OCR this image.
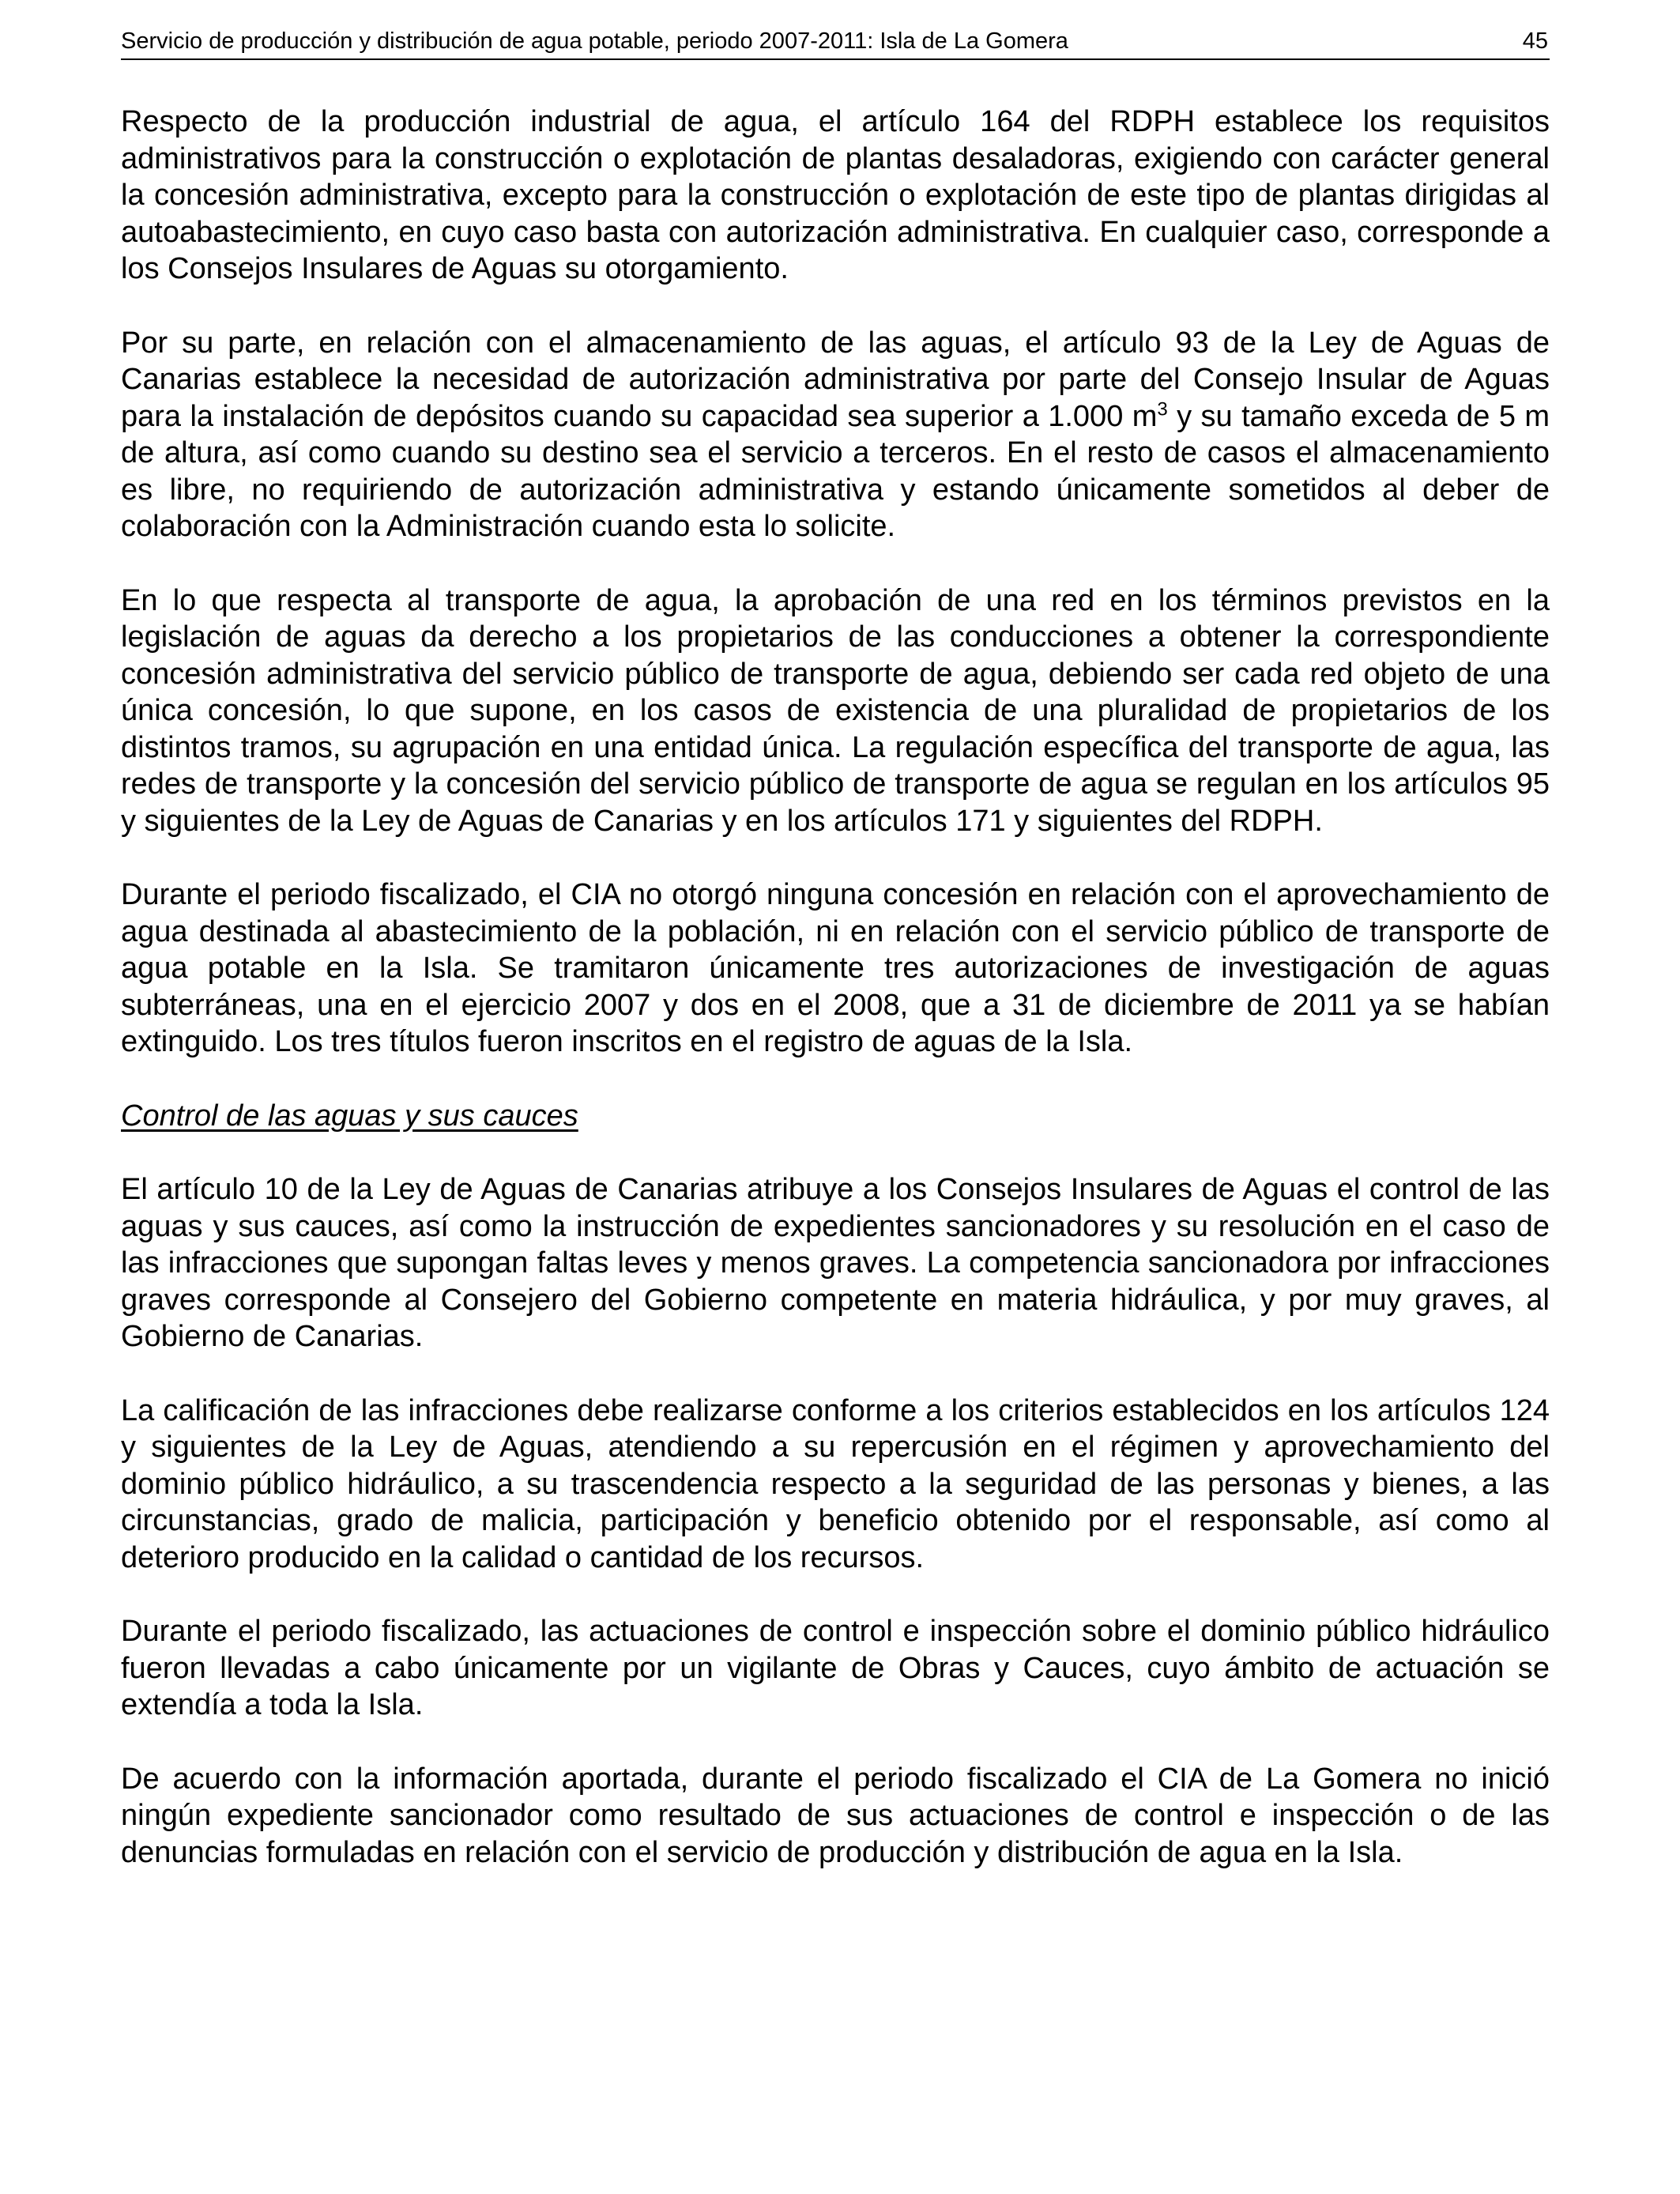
Servicio de producción y distribución de agua potable, periodo 2007-2011: Isla de La Gomera	45

Respecto de la producción industrial de agua, el artículo 164 del RDPH establece los requisitos administrativos para la construcción o explotación de plantas desaladoras, exigiendo con carácter general la concesión administrativa, excepto para la construcción o explotación de este tipo de plantas dirigidas al autoabastecimiento, en cuyo caso basta con autorización administrativa. En cualquier caso, corresponde a los Consejos Insulares de Aguas su otorgamiento.

Por su parte, en relación con el almacenamiento de las aguas, el artículo 93 de la Ley de Aguas de Canarias establece la necesidad de autorización administrativa por parte del Consejo Insular de Aguas para la instalación de depósitos cuando su capacidad sea superior a 1.000 $m^3$ y su tamaño exceda de 5 m de altura, así como cuando su destino sea el servicio a terceros. En el resto de casos el almacenamiento es libre, no requiriendo de autorización administrativa y estando únicamente sometidos al deber de colaboración con la Administración cuando esta lo solicite.

En lo que respecta al transporte de agua, la aprobación de una red en los términos previstos en la legislación de aguas da derecho a los propietarios de las conducciones a obtener la correspondiente concesión administrativa del servicio público de transporte de agua, debiendo ser cada red objeto de una única concesión, lo que supone, en los casos de existencia de una pluralidad de propietarios de los distintos tramos, su agrupación en una entidad única. La regulación específica del transporte de agua, las redes de transporte y la concesión del servicio público de transporte de agua se regulan en los artículos 95 y siguientes de la Ley de Aguas de Canarias y en los artículos 171 y siguientes del RDPH.

Durante el periodo fiscalizado, el CIA no otorgó ninguna concesión en relación con el aprovechamiento de agua destinada al abastecimiento de la población, ni en relación con el servicio público de transporte de agua potable en la Isla. Se tramitaron únicamente tres autorizaciones de investigación de aguas subterráneas, una en el ejercicio 2007 y dos en el 2008, que a 31 de diciembre de 2011 ya se habían extinguido. Los tres títulos fueron inscritos en el registro de aguas de la Isla.

Control de las aguas y sus cauces

El artículo 10 de la Ley de Aguas de Canarias atribuye a los Consejos Insulares de Aguas el control de las aguas y sus cauces, así como la instrucción de expedientes sancionadores y su resolución en el caso de las infracciones que supongan faltas leves y menos graves. La competencia sancionadora por infracciones graves corresponde al Consejero del Gobierno competente en materia hidráulica, y por muy graves, al Gobierno de Canarias.

La calificación de las infracciones debe realizarse conforme a los criterios establecidos en los artículos 124 y siguientes de la Ley de Aguas, atendiendo a su repercusión en el régimen y aprovechamiento del dominio público hidráulico, a su trascendencia respecto a la seguridad de las personas y bienes, a las circunstancias, grado de malicia, participación y beneficio obtenido por el responsable, así como al deterioro producido en la calidad o cantidad de los recursos.

Durante el periodo fiscalizado, las actuaciones de control e inspección sobre el dominio público hidráulico fueron llevadas a cabo únicamente por un vigilante de Obras y Cauces, cuyo ámbito de actuación se extendía a toda la Isla.

De acuerdo con la información aportada, durante el periodo fiscalizado el CIA de La Gomera no inició ningún expediente sancionador como resultado de sus actuaciones de control e inspección o de las denuncias formuladas en relación con el servicio de producción y distribución de agua en la Isla.
